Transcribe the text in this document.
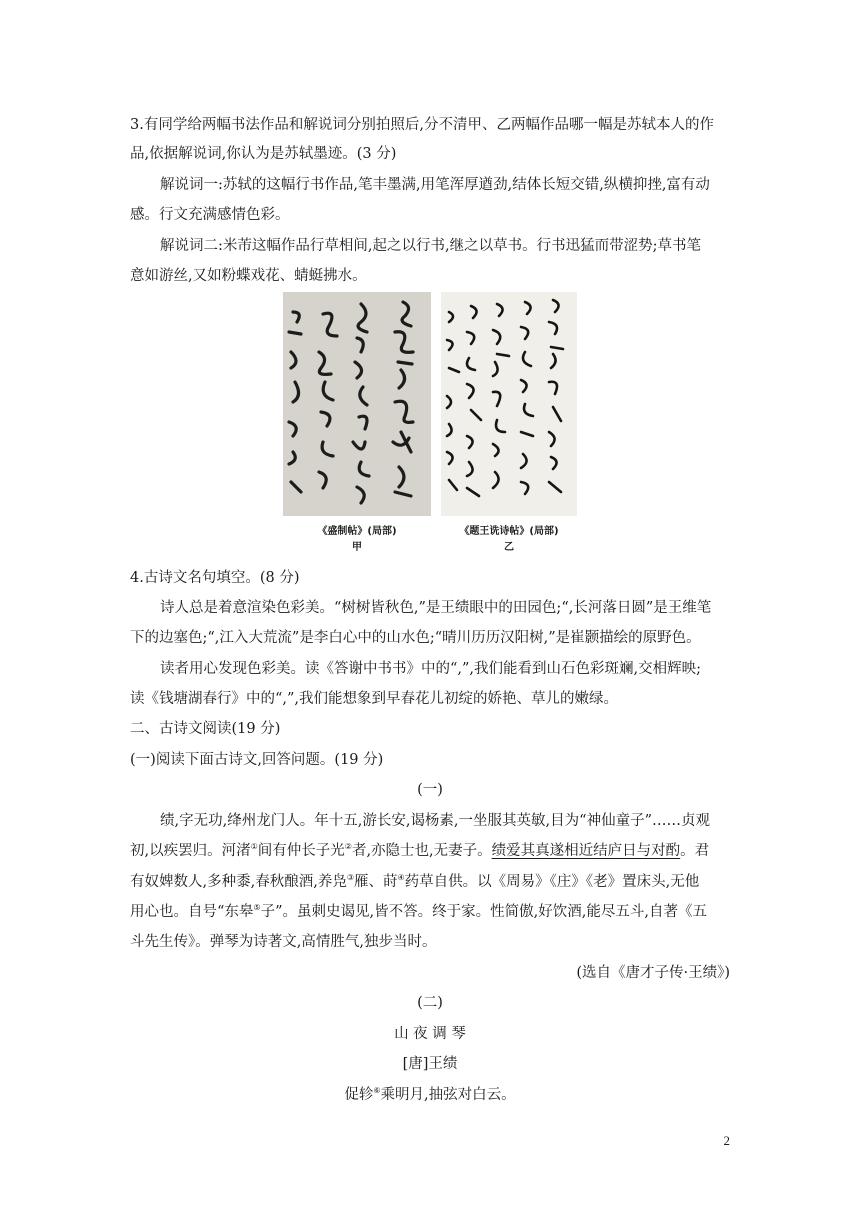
3.有同学给两幅书法作品和解说词分别拍照后,分不清甲、乙两幅作品哪一幅是苏轼本人的作
品,依据解说词,你认为是苏轼墨迹。(3 分)
解说词一:苏轼的这幅行书作品,笔丰墨满,用笔浑厚遒劲,结体长短交错,纵横抑挫,富有动
感。行文充满感情色彩。
解说词二:米芾这幅作品行草相间,起之以行书,继之以草书。行书迅猛而带涩势;草书笔
意如游丝,又如粉蝶戏花、蜻蜓拂水。
《盛制帖》(局部)
甲
《题王诜诗帖》(局部)
乙
4.古诗文名句填空。(8 分)
诗人总是着意渲染色彩美。“树树皆秋色,”是王绩眼中的田园色;“,长河落日圆”是王维笔
下的边塞色;“,江入大荒流”是李白心中的山水色;“晴川历历汉阳树,”是崔颢描绘的原野色。
读者用心发现色彩美。读《答谢中书书》中的“,”,我们能看到山石色彩斑斓,交相辉映;
读《钱塘湖春行》中的“,”,我们能想象到早春花儿初绽的娇艳、草儿的嫩绿。
二、古诗文阅读(19 分)
(一)阅读下面古诗文,回答问题。(19 分)
(一)
绩,字无功,绛州龙门人。年十五,游长安,谒杨素,一坐服其英敏,目为“神仙童子”……贞观
初,以疾罢归。河渚①间有仲长子光②者,亦隐士也,无妻子。绩爱其真遂相近结庐日与对酌。君
有奴婢数人,多种黍,春秋酿酒,养凫③雁、莳④药草自供。以《周易》《庄》《老》置床头,无他
用心也。自号“东皋⑤子”。虽刺史谒见,皆不答。终于家。性简傲,好饮酒,能尽五斗,自著《五
斗先生传》。弹琴为诗著文,高情胜气,独步当时。
(选自《唐才子传·王绩》)
(二)
山 夜 调 琴
[唐]王绩
促轸⑥乘明月,抽弦对白云。
2
